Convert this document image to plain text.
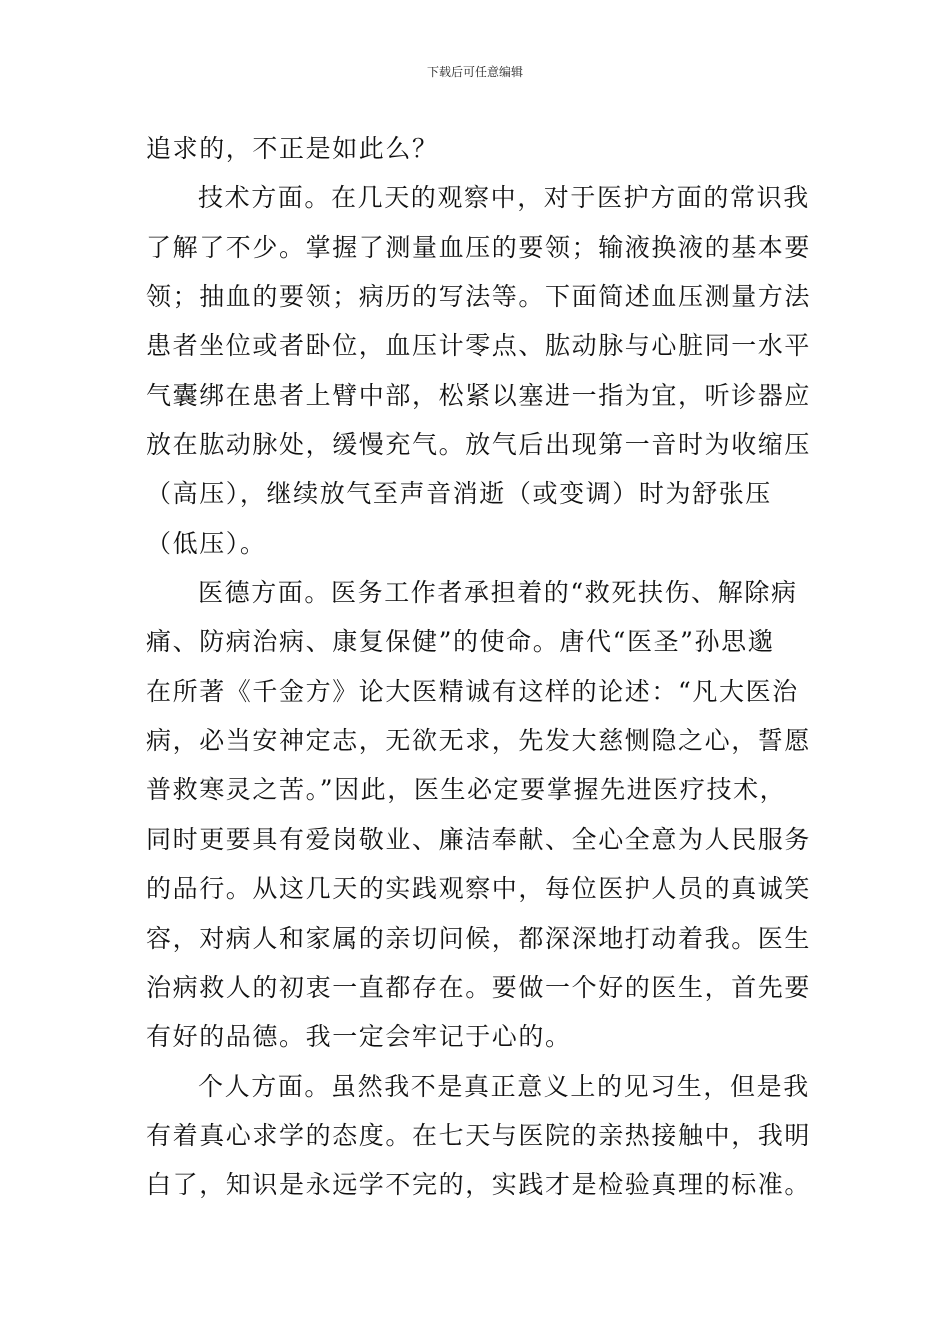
下载后可任意编辑
追求的，不正是如此么？
技术方面。在几天的观察中，对于医护方面的常识我
了解了不少。掌握了测量血压的要领；输液换液的基本要
领；抽血的要领；病历的写法等。下面简述血压测量方法
患者坐位或者卧位，血压计零点、肱动脉与心脏同一水平
气囊绑在患者上臂中部，松紧以塞进一指为宜，听诊器应
放在肱动脉处，缓慢充气。放气后出现第一音时为收缩压
（高压），继续放气至声音消逝（或变调）时为舒张压
（低压）。
医德方面。医务工作者承担着的“救死扶伤、解除病
痛、防病治病、康复保健”的使命。唐代“医圣”孙思邈
在所著《千金方》论大医精诚有这样的论述：“凡大医治
病，必当安神定志，无欲无求，先发大慈恻隐之心，誓愿
普救寒灵之苦。”因此，医生必定要掌握先进医疗技术，
同时更要具有爱岗敬业、廉洁奉献、全心全意为人民服务
的品行。从这几天的实践观察中，每位医护人员的真诚笑
容，对病人和家属的亲切问候，都深深地打动着我。医生
治病救人的初衷一直都存在。要做一个好的医生，首先要
有好的品德。我一定会牢记于心的。
个人方面。虽然我不是真正意义上的见习生，但是我
有着真心求学的态度。在七天与医院的亲热接触中，我明
白了，知识是永远学不完的，实践才是检验真理的标准。
